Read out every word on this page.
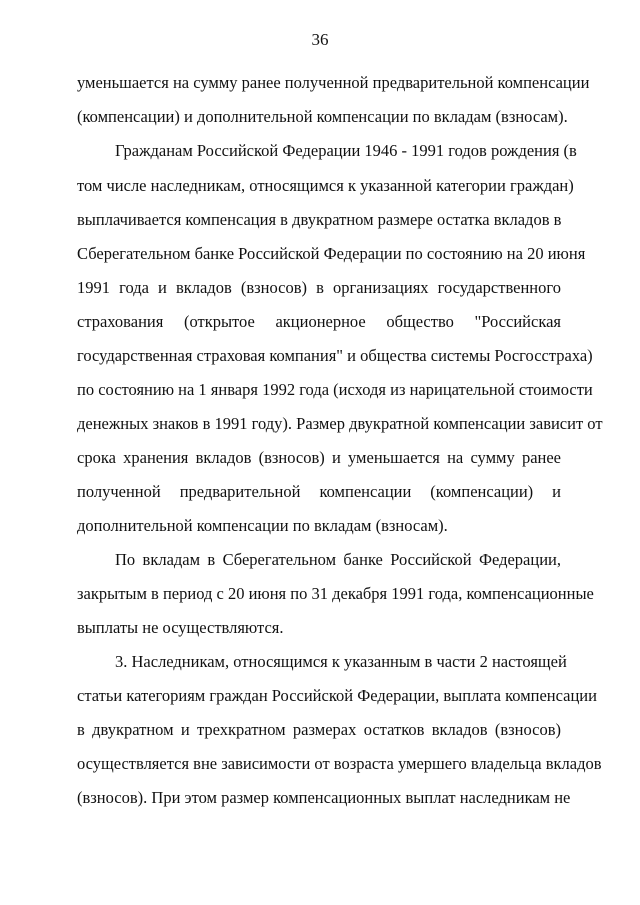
36
уменьшается на сумму ранее полученной предварительной компенсации
(компенсации) и дополнительной компенсации по вкладам (взносам).
Гражданам Российской Федерации 1946 - 1991 годов рождения (в
том числе наследникам, относящимся к указанной категории граждан)
выплачивается компенсация в двукратном размере остатка вкладов в
Сберегательном банке Российской Федерации по состоянию на 20 июня
1991 года и вкладов (взносов) в организациях государственного
страхования (открытое акционерное общество "Российская
государственная страховая компания" и общества системы Росгосстраха)
по состоянию на 1 января 1992 года (исходя из нарицательной стоимости
денежных знаков в 1991 году). Размер двукратной компенсации зависит от
срока хранения вкладов (взносов) и уменьшается на сумму ранее
полученной предварительной компенсации (компенсации) и
дополнительной компенсации по вкладам (взносам).
По вкладам в Сберегательном банке Российской Федерации,
закрытым в период с 20 июня по 31 декабря 1991 года, компенсационные
выплаты не осуществляются.
3. Наследникам, относящимся к указанным в части 2 настоящей
статьи категориям граждан Российской Федерации, выплата компенсации
в двукратном и трехкратном размерах остатков вкладов (взносов)
осуществляется вне зависимости от возраста умершего владельца вкладов
(взносов). При этом размер компенсационных выплат наследникам не
